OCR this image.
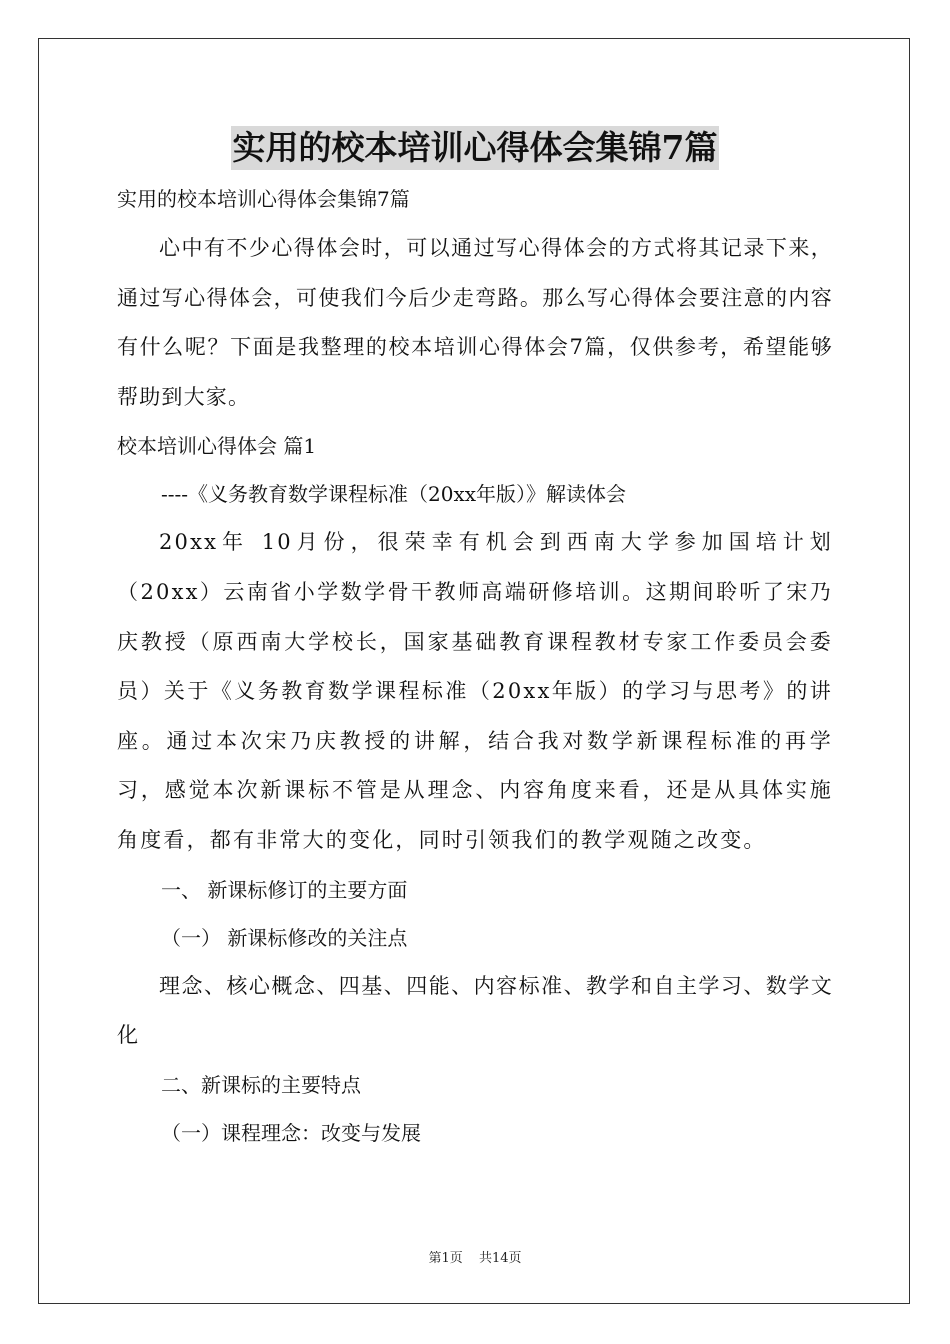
实用的校本培训心得体会集锦7篇
实用的校本培训心得体会集锦7篇
心中有不少心得体会时，可以通过写心得体会的方式将其记录下来，通过写心得体会，可使我们今后少走弯路。那么写心得体会要注意的内容有什么呢？下面是我整理的校本培训心得体会7篇，仅供参考，希望能够帮助到大家。
校本培训心得体会 篇1
----《义务教育数学课程标准（20xx年版）》解读体会
20xx年 10月份，很荣幸有机会到西南大学参加国培计划（20xx）云南省小学数学骨干教师高端研修培训。这期间聆听了宋乃庆教授（原西南大学校长，国家基础教育课程教材专家工作委员会委员）关于《义务教育数学课程标准（20xx年版）的学习与思考》的讲座。通过本次宋乃庆教授的讲解，结合我对数学新课程标准的再学习，感觉本次新课标不管是从理念、内容角度来看，还是从具体实施角度看，都有非常大的变化，同时引领我们的教学观随之改变。
一、 新课标修订的主要方面
（一） 新课标修改的关注点
理念、核心概念、四基、四能、内容标准、教学和自主学习、数学文化
二、新课标的主要特点
（一）课程理念：改变与发展
第1页 共14页
